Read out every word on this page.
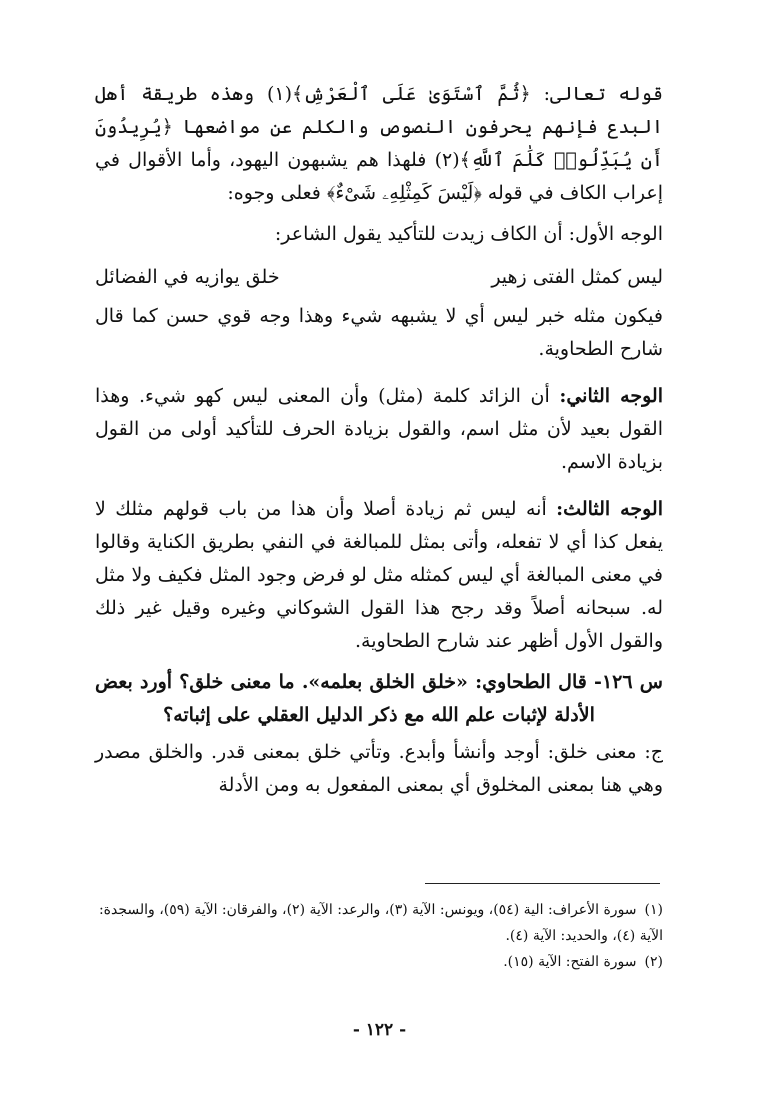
قوله تعالى: ﴿ثُمَّ ٱسْتَوَىٰ عَلَى ٱلْعَرْشِ﴾(١) وهذه طريقة أهل البدع فإنهم يحرفون النصوص والكلم عن مواضعها ﴿يُرِيدُونَ أَن يُبَدِّلُوا۟ كَلَٰمَ ٱللَّهِ﴾(٢) فلهذا هم يشبهون اليهود، وأما الأقوال في إعراب الكاف في قوله ﴿لَيْسَ كَمِثْلِهِۦ شَىْءٌ﴾ فعلى وجوه:

الوجه الأول: أن الكاف زيدت للتأكيد يقول الشاعر:

ليس كمثل الفتى زهير
خلق يوازيه في الفضائل

فيكون مثله خبر ليس أي لا يشبهه شيء وهذا وجه قوي حسن كما قال شارح الطحاوية.

الوجه الثاني: أن الزائد كلمة (مثل) وأن المعنى ليس كهو شيء. وهذا القول بعيد لأن مثل اسم، والقول بزيادة الحرف للتأكيد أولى من القول بزيادة الاسم.

الوجه الثالث: أنه ليس ثم زيادة أصلا وأن هذا من باب قولهم مثلك لا يفعل كذا أي لا تفعله، وأتى بمثل للمبالغة في النفي بطريق الكناية وقالوا في معنى المبالغة أي ليس كمثله مثل لو فرض وجود المثل فكيف ولا مثل له. سبحانه أصلاً وقد رجح هذا القول الشوكاني وغيره وقيل غير ذلك والقول الأول أظهر عند شارح الطحاوية.

س ١٢٦- قال الطحاوي: «خلق الخلق بعلمه». ما معنى خلق؟ أورد بعض الأدلة لإثبات علم الله مع ذكر الدليل العقلي على إثباته؟

ج: معنى خلق: أوجد وأنشأ وأبدع. وتأتي خلق بمعنى قدر. والخلق مصدر وهي هنا بمعنى المخلوق أي بمعنى المفعول به ومن الأدلة

(١)سورة الأعراف: الية (٥٤)، ويونس: الآية (٣)، والرعد: الآية (٢)، والفرقان: الآية (٥٩)، والسجدة: الآية (٤)، والحديد: الآية (٤).

(٢)سورة الفتح: الآية (١٥).

- ١٢٢ -
